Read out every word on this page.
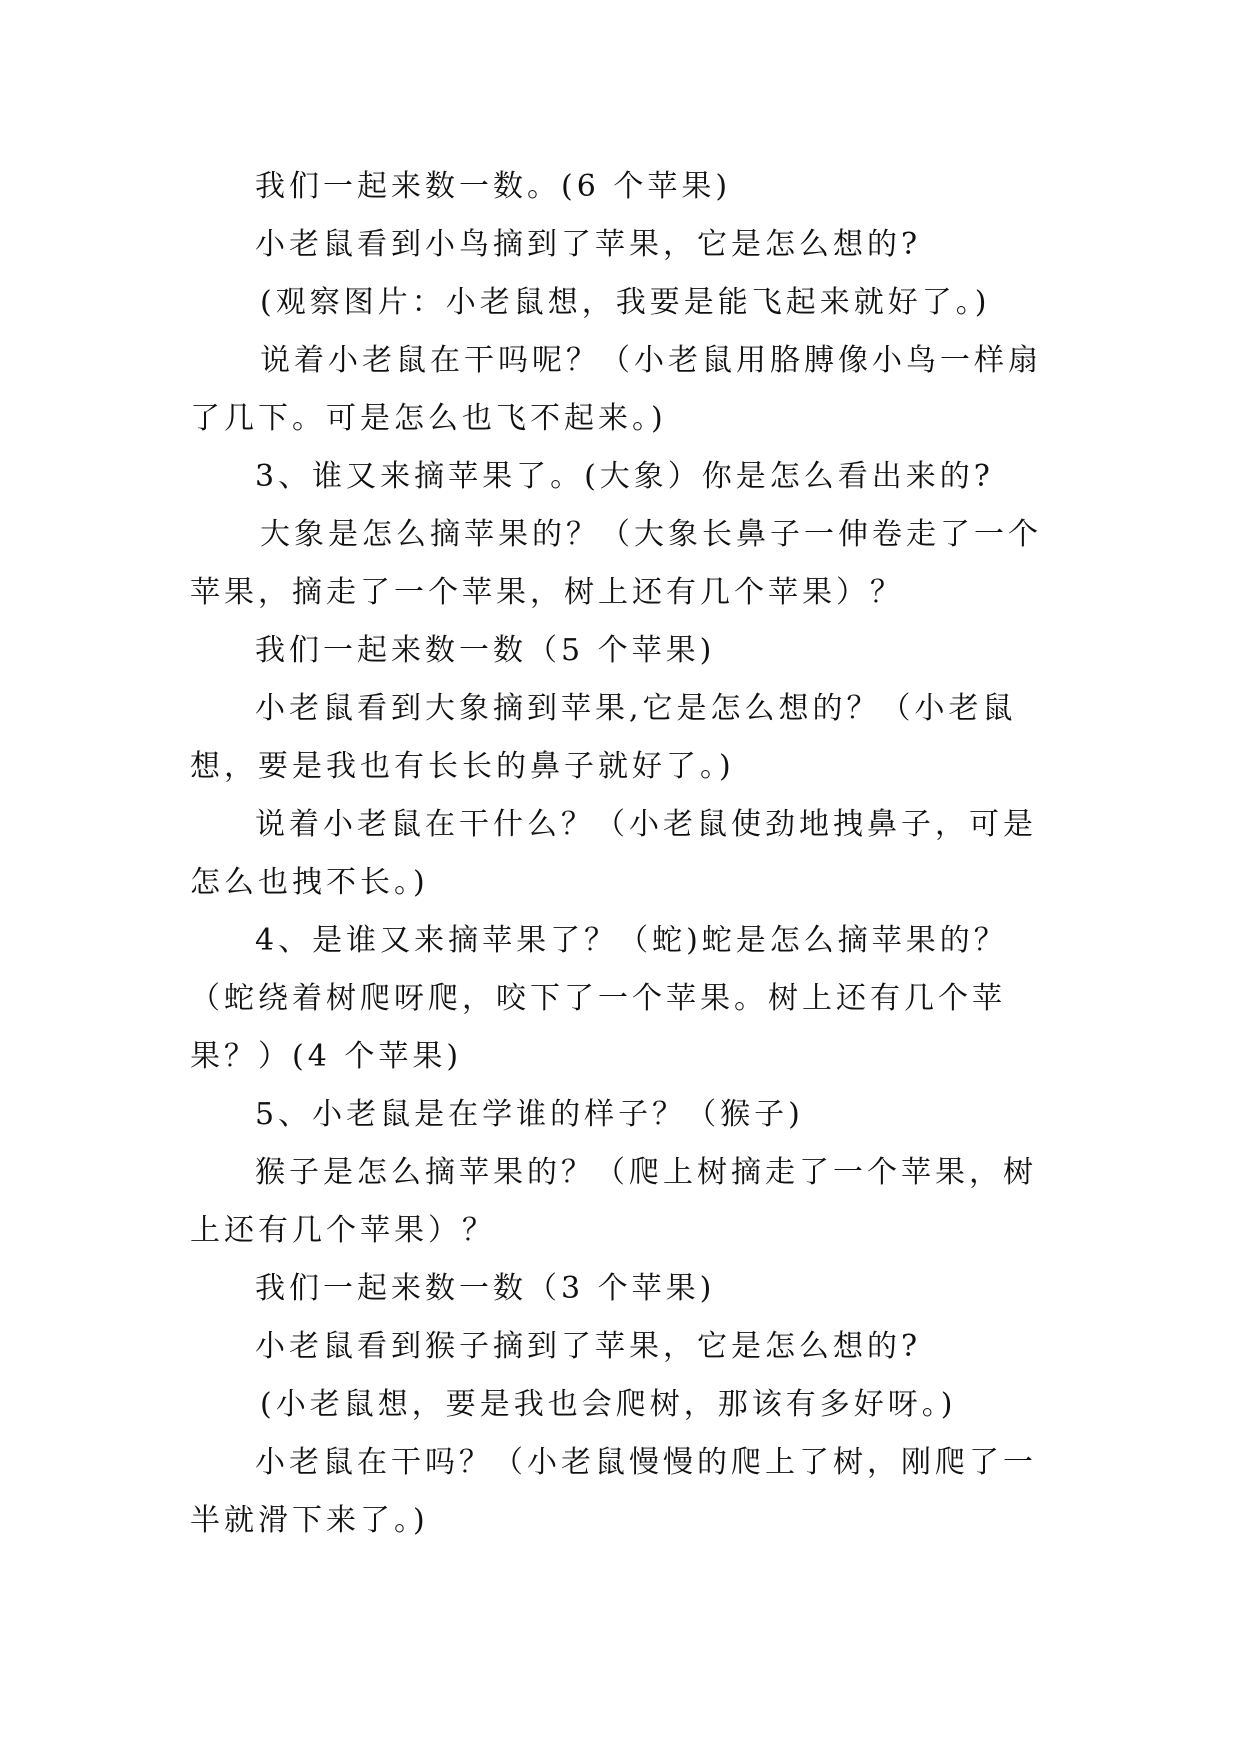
我们一起来数一数。(6 个苹果)

小老鼠看到小鸟摘到了苹果，它是怎么想的?

(观察图片：小老鼠想，我要是能飞起来就好了。)

说着小老鼠在干吗呢？（小老鼠用胳膊像小鸟一样扇了几下。可是怎么也飞不起来。)

3、谁又来摘苹果了。(大象）你是怎么看出来的?

大象是怎么摘苹果的？（大象长鼻子一伸卷走了一个苹果，摘走了一个苹果，树上还有几个苹果）？

我们一起来数一数（5 个苹果)

小老鼠看到大象摘到苹果,它是怎么想的？（小老鼠想，要是我也有长长的鼻子就好了。)

说着小老鼠在干什么？（小老鼠使劲地拽鼻子，可是怎么也拽不长。)

4、是谁又来摘苹果了？（蛇)蛇是怎么摘苹果的？（蛇绕着树爬呀爬，咬下了一个苹果。树上还有几个苹果？）(4 个苹果)

5、小老鼠是在学谁的样子？（猴子)

猴子是怎么摘苹果的？（爬上树摘走了一个苹果，树上还有几个苹果）？

我们一起来数一数（3 个苹果)

小老鼠看到猴子摘到了苹果，它是怎么想的?

(小老鼠想，要是我也会爬树，那该有多好呀。)

小老鼠在干吗？（小老鼠慢慢的爬上了树，刚爬了一半就滑下来了。)
